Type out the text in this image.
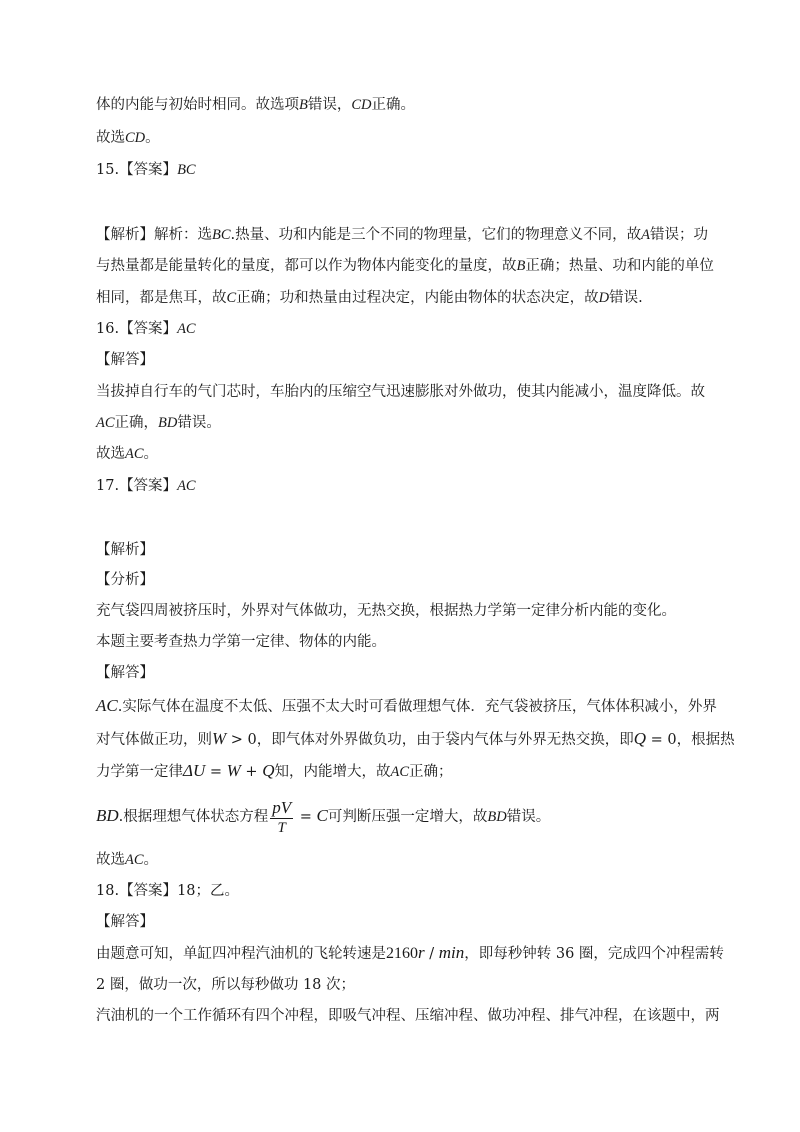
体的内能与初始时相同。故选项B错误，CD正确。
故选CD。
15.【答案】BC
【解析】解析：选BC.热量、功和内能是三个不同的物理量，它们的物理意义不同，故A错误；功
与热量都是能量转化的量度，都可以作为物体内能变化的量度，故B正确；热量、功和内能的单位
相同，都是焦耳，故C正确；功和热量由过程决定，内能由物体的状态决定，故D错误.
16.【答案】AC
【解答】
当拔掉自行车的气门芯时，车胎内的压缩空气迅速膨胀对外做功，使其内能减小，温度降低。故
AC正确，BD错误。
故选AC。
17.【答案】AC
【解析】
【分析】
充气袋四周被挤压时，外界对气体做功，无热交换，根据热力学第一定律分析内能的变化。
本题主要考查热力学第一定律、物体的内能。
【解答】
AC.实际气体在温度不太低、压强不太大时可看做理想气体．充气袋被挤压，气体体积减小，外界
对气体做正功，则W > 0，即气体对外界做负功，由于袋内气体与外界无热交换，即Q = 0，根据热
力学第一定律ΔU = W + Q知，内能增大，故AC正确；
BD.根据理想气体状态方程 $\frac{pV}{T} = C$可判断压强一定增大，故BD错误。
故选AC。
18.【答案】18；乙。
【解答】
由题意可知，单缸四冲程汽油机的飞轮转速是2160r / min，即每秒钟转 36 圈，完成四个冲程需转
2 圈，做功一次，所以每秒做功 18 次；
汽油机的一个工作循环有四个冲程，即吸气冲程、压缩冲程、做功冲程、排气冲程，在该题中，两
